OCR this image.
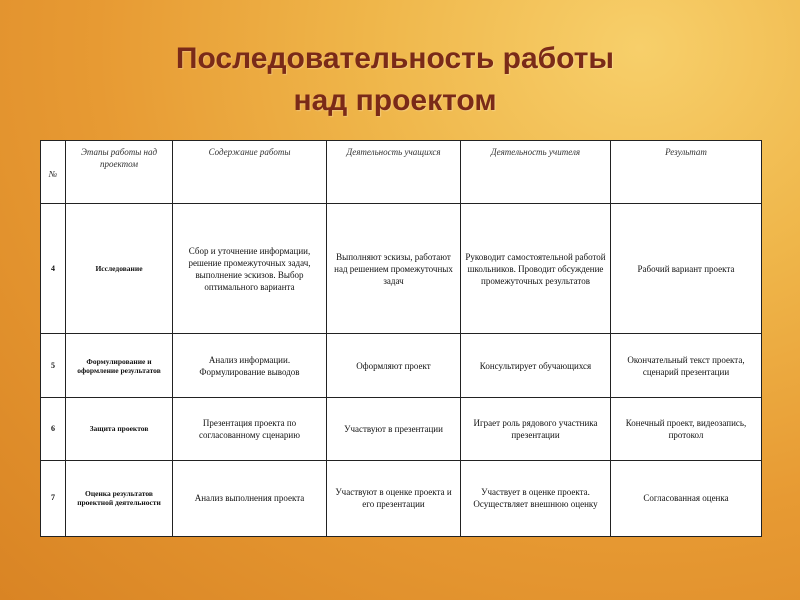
Последовательность работы
над проектом
№	Этапы работы над проектом	Содержание работы	Деятельность учащихся	Деятельность учителя	Результат
4	Исследование	Сбор и уточнение информации, решение промежуточных задач, выполнение эскизов. Выбор оптимального варианта	Выполняют эскизы, работают над решением промежуточных задач	Руководит самостоятельной работой школьников. Проводит обсуждение промежуточных результатов	Рабочий вариант проекта
5	Формулирование и оформление результатов	Анализ информации. Формулирование выводов	Оформляют проект	Консультирует обучающихся	Окончательный текст проекта, сценарий презентации
6	Защита проектов	Презентация проекта по согласованному сценарию	Участвуют в презентации	Играет роль рядового участника презентации	Конечный проект, видеозапись, протокол
7	Оценка результатов проектной деятельности	Анализ выполнения проекта	Участвуют в оценке проекта и его презентации	Участвует в оценке проекта. Осуществляет внешнюю оценку	Согласованная оценка
